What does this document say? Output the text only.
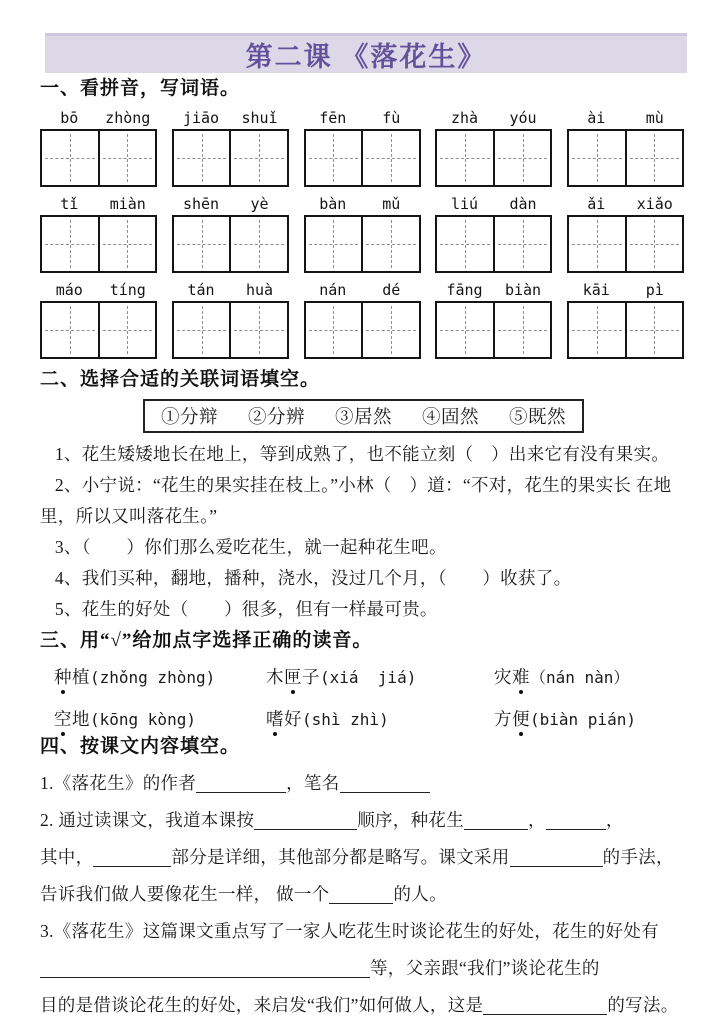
第二课 《落花生》
一、看拼音，写词语。
bō	zhòng	jiāo	shuǐ	fēn	fù	zhà	yóu	ài	mù
tǐ	miàn	shēn	yè	bàn	mǔ	liú	dàn	ǎi	xiǎo
máo	tíng	tán	huà	nán	dé	fāng	biàn	kāi	pì
二、选择合适的关联词语填空。
①分辩 ②分辨 ③居然 ④固然 ⑤既然
1、花生矮矮地长在地上，等到成熟了，也不能立刻（　）出来它有没有果实。
2、小宁说：“花生的果实挂在枝上。”小林（　）道：“不对，花生的果实长 在地里，所以又叫落花生。”
3、（　　）你们那么爱吃花生，就一起种花生吧。
4、我们买种，翻地，播种，浇水，没过几个月，（　　）收获了。
5、花生的好处（　　）很多，但有一样最可贵。
三、用“√”给加点字选择正确的读音。
种植(zhǒng zhòng)	木匣子(xiá  jiá)	灾难（nán nàn）
空地(kōng kòng)	嗜好(shì zhì)	方便(biàn pián)
四、按课文内容填空。
1.《落花生》的作者	，笔名
2. 通过读课文，我道本课按	顺序，种花生	，	，
其中，	部分是详细，其他部分都是略写。课文采用	的手法，
告诉我们做人要像花生一样， 做一个	的人。
3.《落花生》这篇课文重点写了一家人吃花生时谈论花生的好处，花生的好处有
等，父亲跟“我们”谈论花生的
目的是借谈论花生的好处，来启发“我们”如何做人，这是	的写法。
